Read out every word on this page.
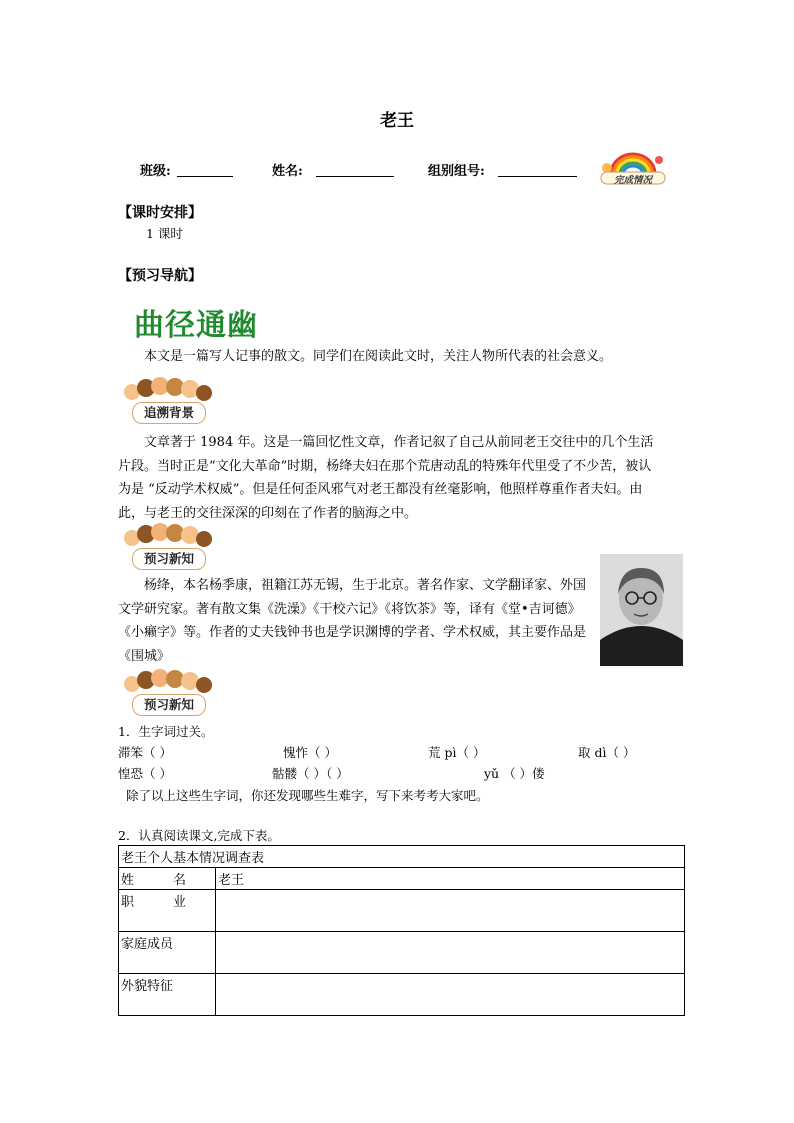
老王
班级:	姓名:	组别组号:
完成情况
【课时安排】
1 课时
【预习导航】
曲径通幽
本文是一篇写人记事的散文。同学们在阅读此文时，关注人物所代表的社会意义。
追溯背景
文章著于 1984 年。这是一篇回忆性文章，作者记叙了自己从前同老王交往中的几个生活片段。当时正是“文化大革命”时期，杨绛夫妇在那个荒唐动乱的特殊年代里受了不少苦，被认为是 “反动学术权威”。但是任何歪风邪气对老王都没有丝毫影响，他照样尊重作者夫妇。由此，与老王的交往深深的印刻在了作者的脑海之中。
预习新知
杨绛，本名杨季康，祖籍江苏无锡，生于北京。著名作家、文学翻译家、外国文学研究家。著有散文集《洗澡》《干校六记》《将饮茶》等，译有《堂•吉诃德》《小癞字》等。作者的丈夫钱钟书也是学识渊博的学者、学术权威，其主要作品是《围城》
预习新知
1．生字词过关。
滞笨（ ）	愧怍（ ）	荒 pì（ ）	取 dì（ ）
惶恐（ ）	骷髅（ ）（ ）	yǔ （ ）偻
除了以上这些生字词，你还发现哪些生难字，写下来考考大家吧。
2．认真阅读课文,完成下表。
老王个人基本情况调查表	
姓　　　名	老王
职　　　业	
家庭成员	
外貌特征	
